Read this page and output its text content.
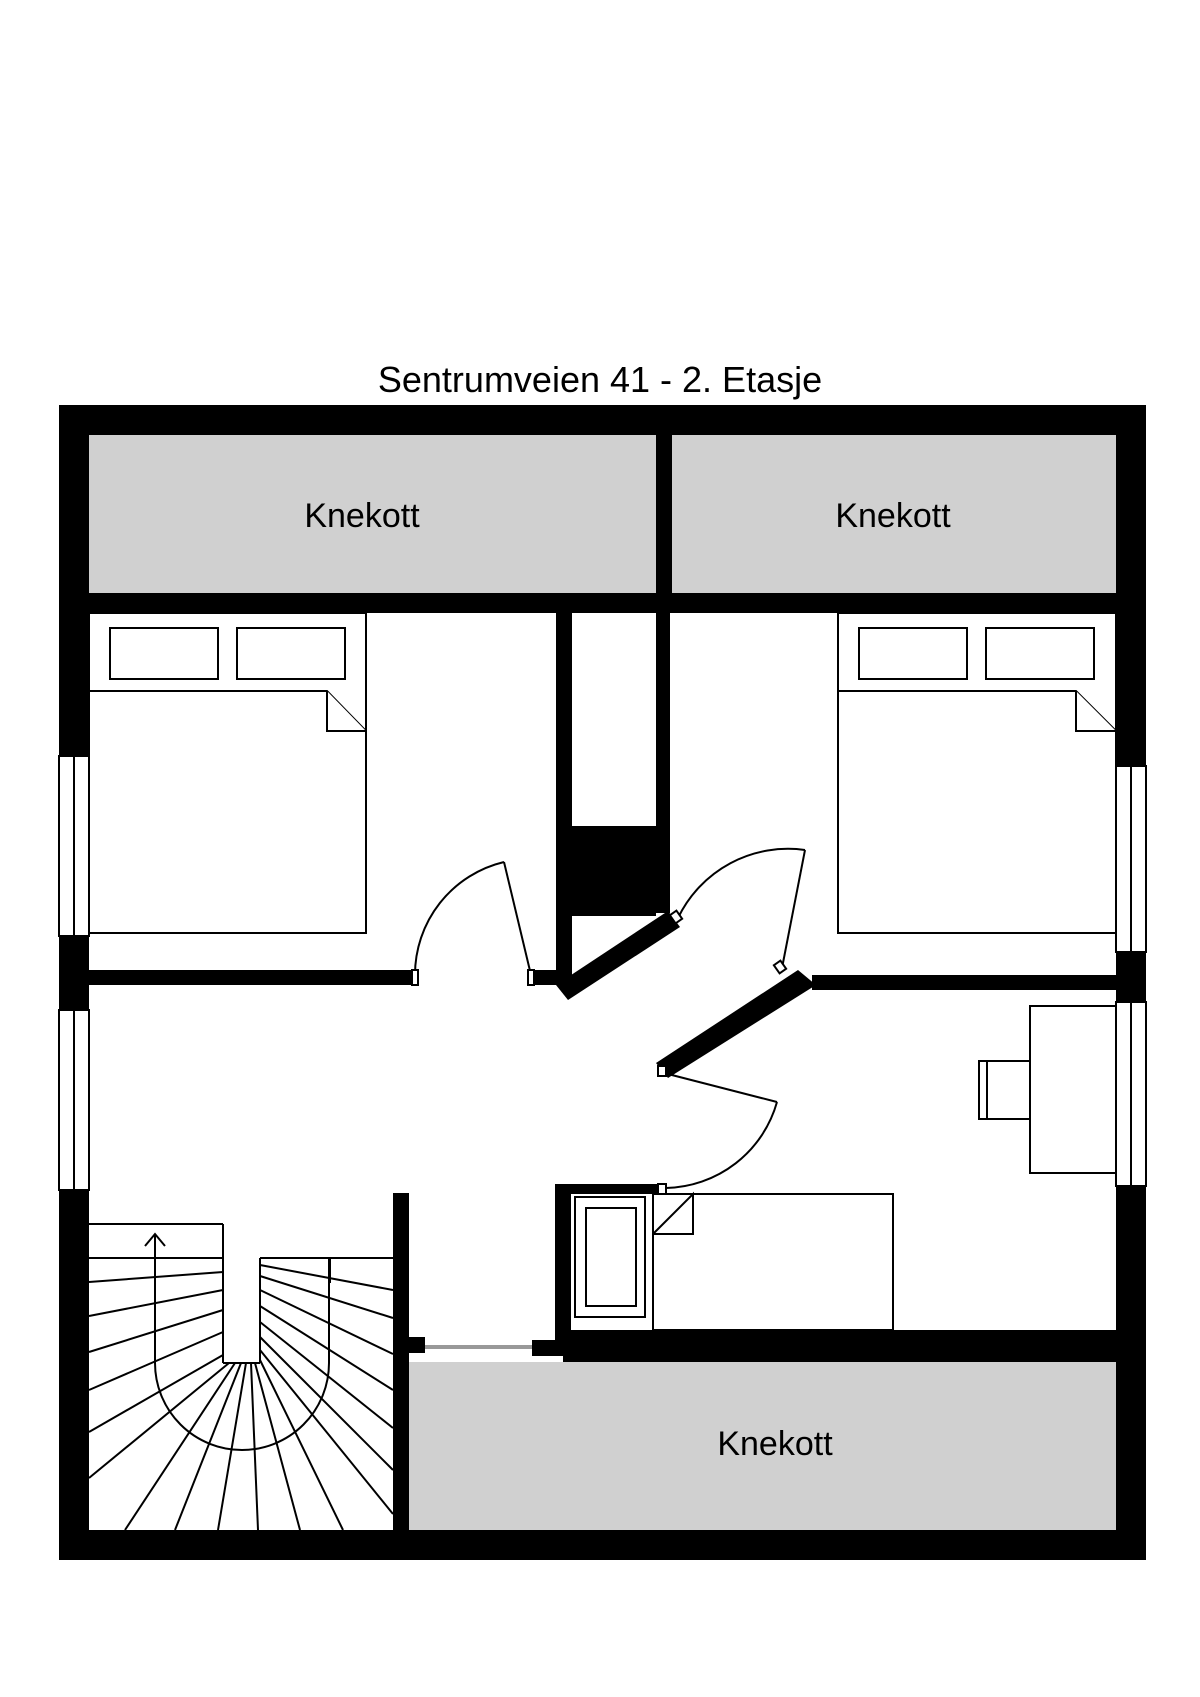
Sentrumveien 41 - 2. Etasje
Knekott	Knekott
Knekott
